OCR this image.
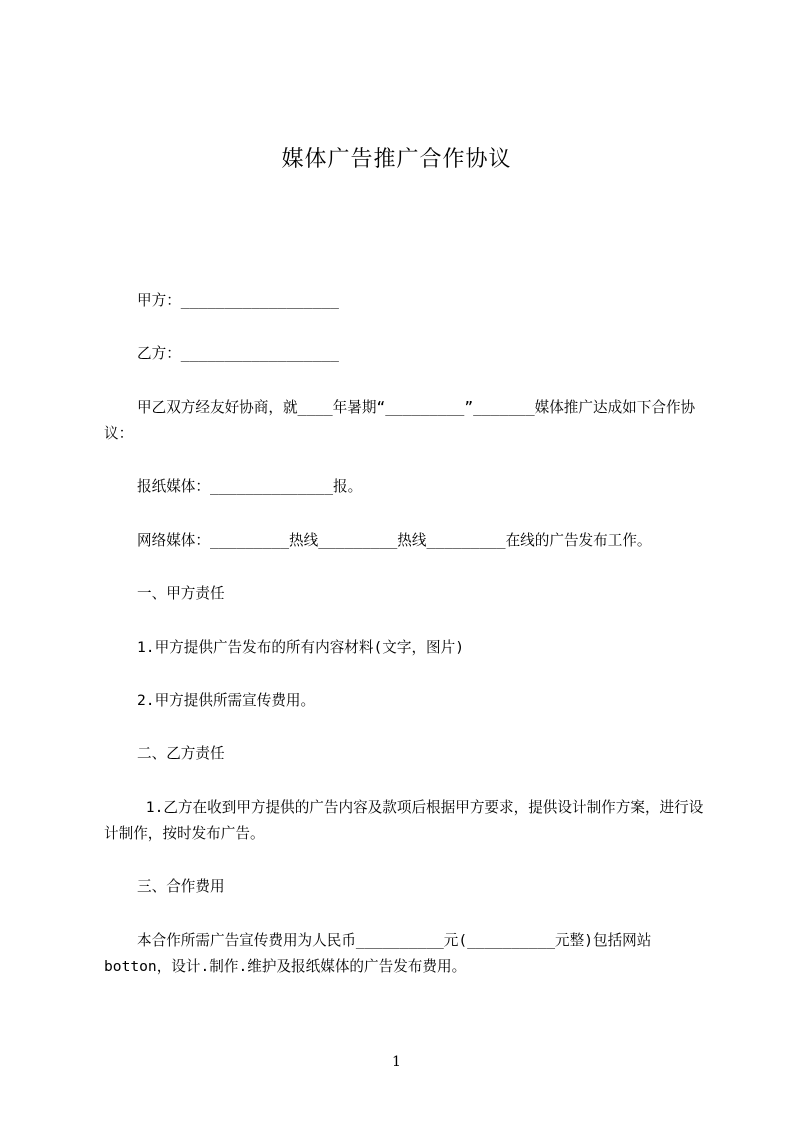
媒体广告推广合作协议
甲方：__________________
乙方：__________________
甲乙双方经友好协商，就____年暑期“_________”_______媒体推广达成如下合作协议：
报纸媒体：______________报。
网络媒体：_________热线_________热线_________在线的广告发布工作。
一、甲方责任
1.甲方提供广告发布的所有内容材料(文字，图片)
2.甲方提供所需宣传费用。
二、乙方责任
1.乙方在收到甲方提供的广告内容及款项后根据甲方要求，提供设计制作方案，进行设计制作，按时发布广告。
三、合作费用
本合作所需广告宣传费用为人民币__________元(__________元整)包括网站botton，设计.制作.维护及报纸媒体的广告发布费用。
1
